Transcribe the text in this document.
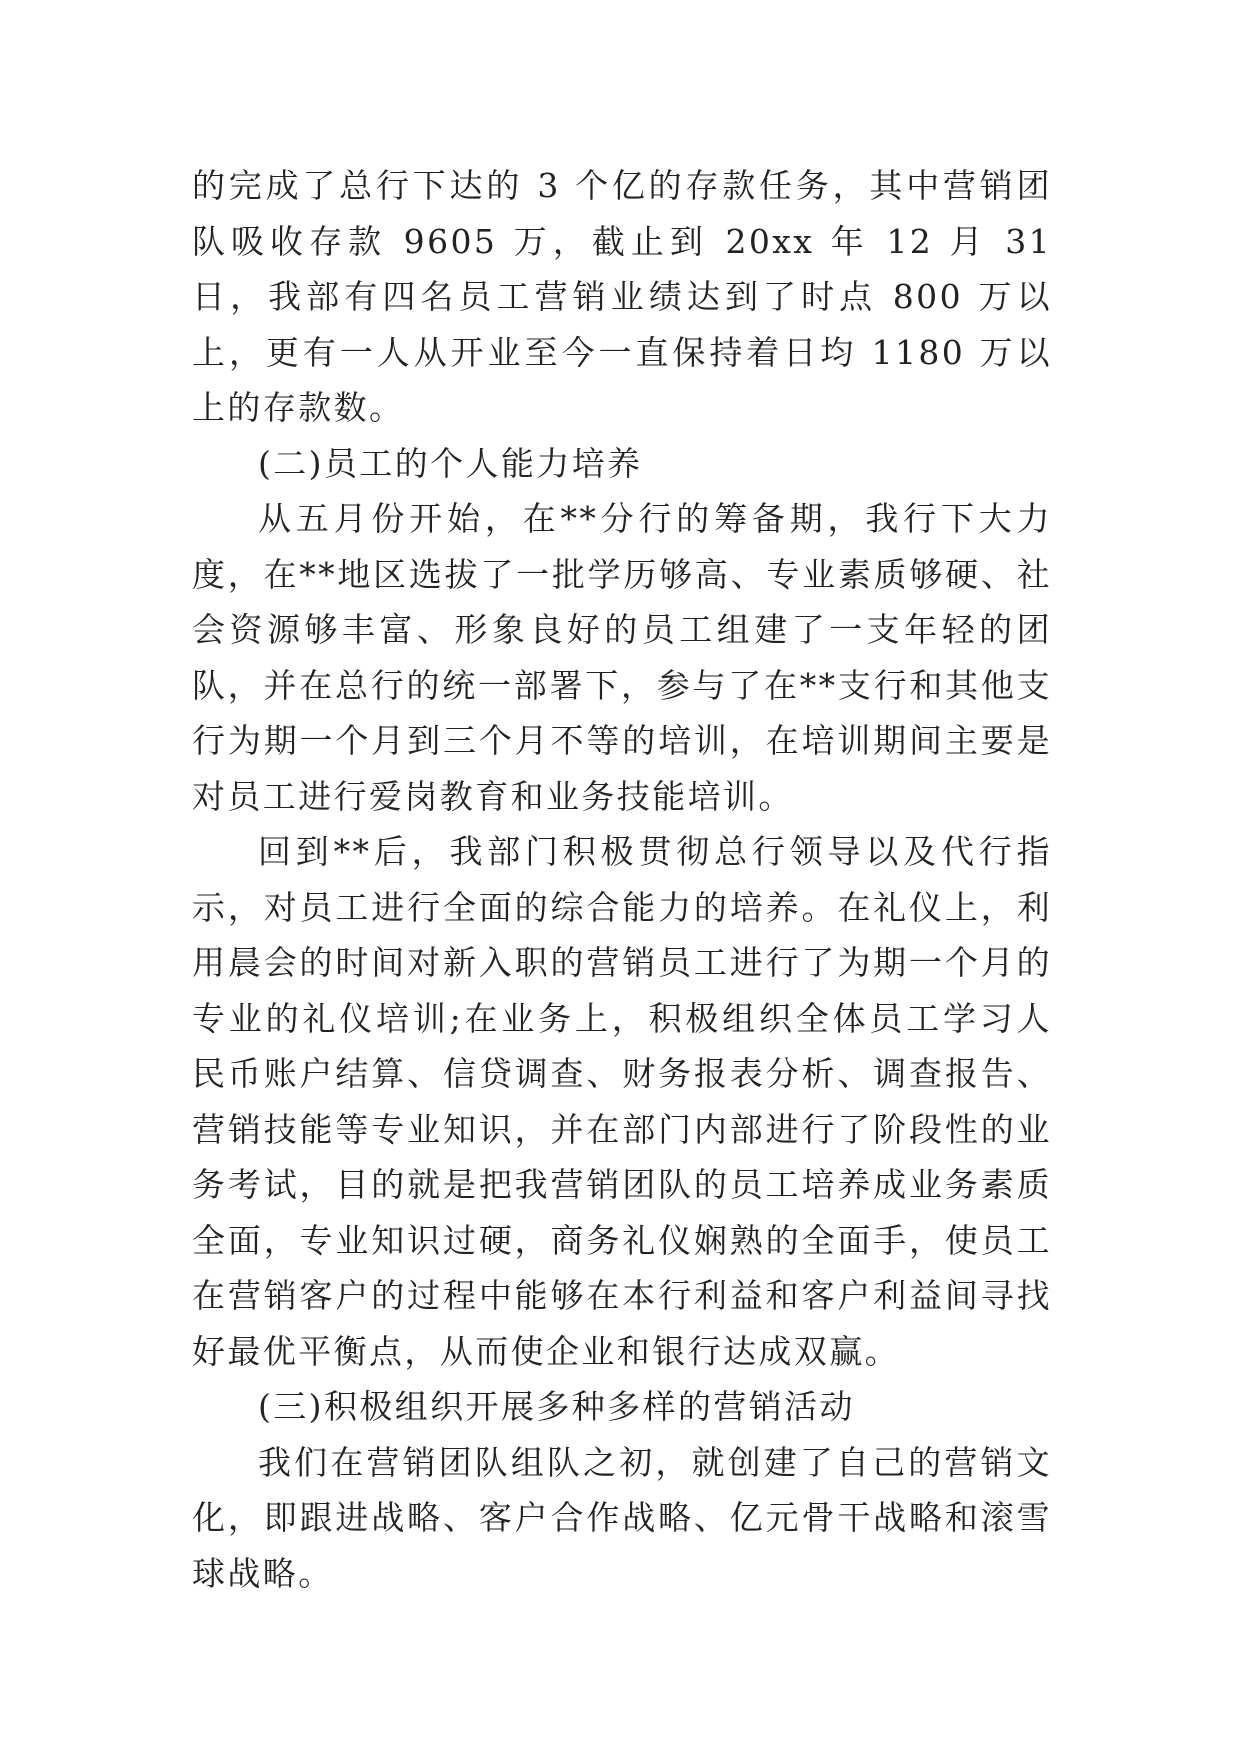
的完成了总行下达的 3 个亿的存款任务，其中营销团队吸收存款 9605 万，截止到 20xx 年 12 月 31 日，我部有四名员工营销业绩达到了时点 800 万以上，更有一人从开业至今一直保持着日均 1180 万以上的存款数。

(二)员工的个人能力培养

从五月份开始，在**分行的筹备期，我行下大力度，在**地区选拔了一批学历够高、专业素质够硬、社会资源够丰富、形象良好的员工组建了一支年轻的团队，并在总行的统一部署下，参与了在**支行和其他支行为期一个月到三个月不等的培训，在培训期间主要是对员工进行爱岗教育和业务技能培训。

回到**后，我部门积极贯彻总行领导以及代行指示，对员工进行全面的综合能力的培养。在礼仪上，利用晨会的时间对新入职的营销员工进行了为期一个月的专业的礼仪培训;在业务上，积极组织全体员工学习人民币账户结算、信贷调查、财务报表分析、调查报告、营销技能等专业知识，并在部门内部进行了阶段性的业务考试，目的就是把我营销团队的员工培养成业务素质全面，专业知识过硬，商务礼仪娴熟的全面手，使员工在营销客户的过程中能够在本行利益和客户利益间寻找好最优平衡点，从而使企业和银行达成双赢。

(三)积极组织开展多种多样的营销活动

我们在营销团队组队之初，就创建了自己的营销文化，即跟进战略、客户合作战略、亿元骨干战略和滚雪球战略。
